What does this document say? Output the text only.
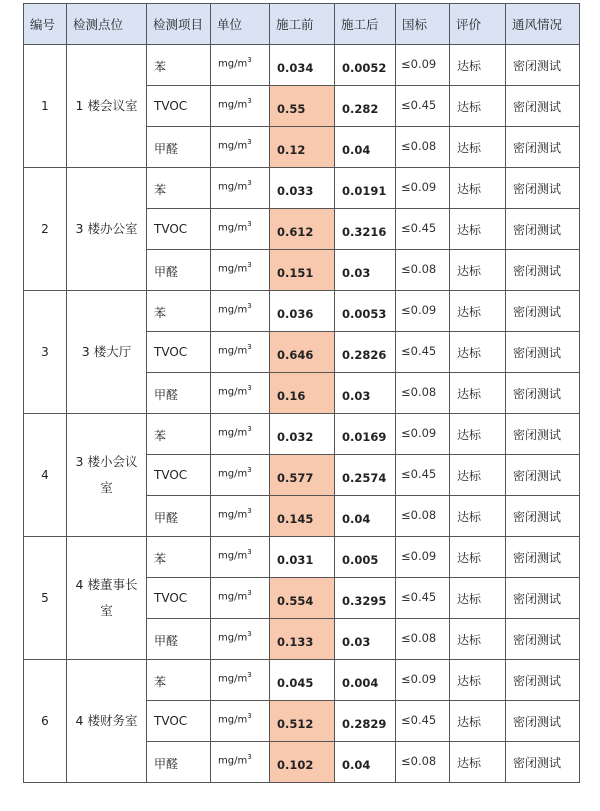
编号	检测点位	检测项目	单位	施工前	施工后	国标	评价	通风情况
1	1 楼会议室	苯	$mg/m^3$	0.034	0.0052	≤0.09	达标	密闭测试
		TVOC	$mg/m^3$	0.55	0.282	≤0.45	达标	密闭测试
		甲醛	$mg/m^3$	0.12	0.04	≤0.08	达标	密闭测试
2	3 楼办公室	苯	$mg/m^3$	0.033	0.0191	≤0.09	达标	密闭测试
		TVOC	$mg/m^3$	0.612	0.3216	≤0.45	达标	密闭测试
		甲醛	$mg/m^3$	0.151	0.03	≤0.08	达标	密闭测试
3	3 楼大厅	苯	$mg/m^3$	0.036	0.0053	≤0.09	达标	密闭测试
		TVOC	$mg/m^3$	0.646	0.2826	≤0.45	达标	密闭测试
		甲醛	$mg/m^3$	0.16	0.03	≤0.08	达标	密闭测试
4	3 楼小会议室	苯	$mg/m^3$	0.032	0.0169	≤0.09	达标	密闭测试
		TVOC	$mg/m^3$	0.577	0.2574	≤0.45	达标	密闭测试
		甲醛	$mg/m^3$	0.145	0.04	≤0.08	达标	密闭测试
5	4 楼董事长室	苯	$mg/m^3$	0.031	0.005	≤0.09	达标	密闭测试
		TVOC	$mg/m^3$	0.554	0.3295	≤0.45	达标	密闭测试
		甲醛	$mg/m^3$	0.133	0.03	≤0.08	达标	密闭测试
6	4 楼财务室	苯	$mg/m^3$	0.045	0.004	≤0.09	达标	密闭测试
		TVOC	$mg/m^3$	0.512	0.2829	≤0.45	达标	密闭测试
		甲醛	$mg/m^3$	0.102	0.04	≤0.08	达标	密闭测试
